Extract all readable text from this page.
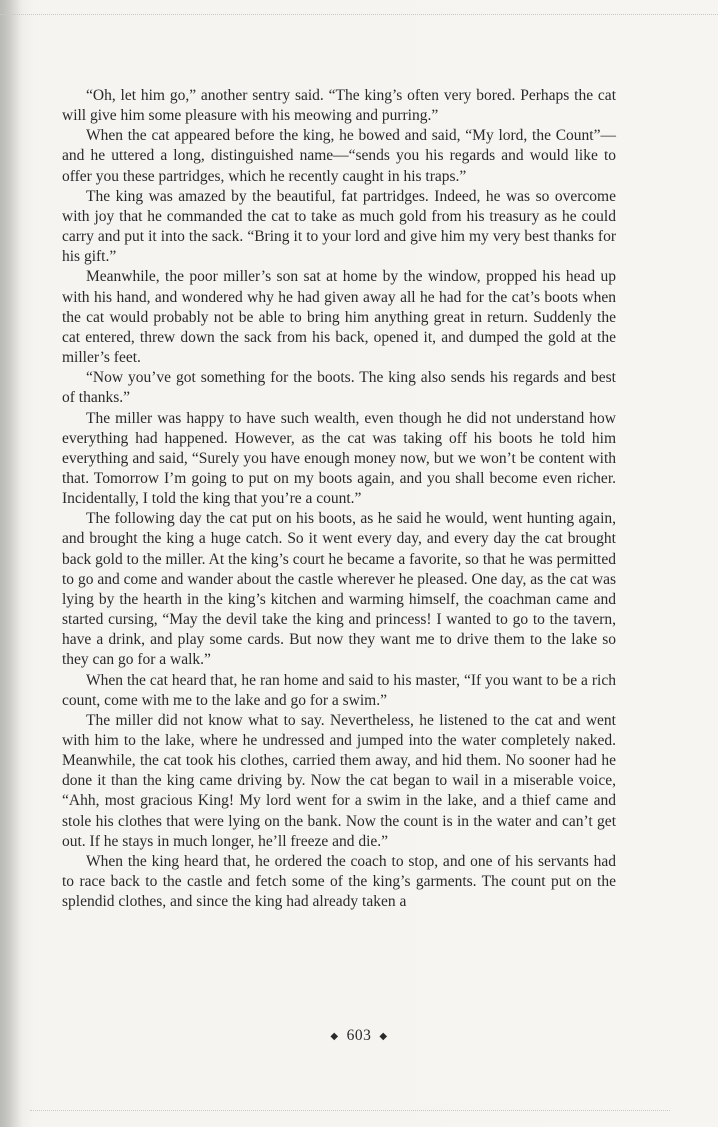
“Oh, let him go,” another sentry said. “The king’s often very bored. Perhaps the cat will give him some pleasure with his meowing and purring.”

When the cat appeared before the king, he bowed and said, “My lord, the Count”—and he uttered a long, distinguished name—“sends you his regards and would like to offer you these partridges, which he recently caught in his traps.”

The king was amazed by the beautiful, fat partridges. Indeed, he was so overcome with joy that he commanded the cat to take as much gold from his treasury as he could carry and put it into the sack. “Bring it to your lord and give him my very best thanks for his gift.”

Meanwhile, the poor miller’s son sat at home by the window, propped his head up with his hand, and wondered why he had given away all he had for the cat’s boots when the cat would probably not be able to bring him anything great in return. Suddenly the cat entered, threw down the sack from his back, opened it, and dumped the gold at the miller’s feet.

“Now you’ve got something for the boots. The king also sends his regards and best of thanks.”

The miller was happy to have such wealth, even though he did not understand how everything had happened. However, as the cat was taking off his boots he told him everything and said, “Surely you have enough money now, but we won’t be content with that. Tomorrow I’m going to put on my boots again, and you shall become even richer. Incidentally, I told the king that you’re a count.”

The following day the cat put on his boots, as he said he would, went hunting again, and brought the king a huge catch. So it went every day, and every day the cat brought back gold to the miller. At the king’s court he became a favorite, so that he was permitted to go and come and wander about the castle wherever he pleased. One day, as the cat was lying by the hearth in the king’s kitchen and warming himself, the coachman came and started cursing, “May the devil take the king and princess! I wanted to go to the tavern, have a drink, and play some cards. But now they want me to drive them to the lake so they can go for a walk.”

When the cat heard that, he ran home and said to his master, “If you want to be a rich count, come with me to the lake and go for a swim.”

The miller did not know what to say. Nevertheless, he listened to the cat and went with him to the lake, where he undressed and jumped into the water completely naked. Meanwhile, the cat took his clothes, carried them away, and hid them. No sooner had he done it than the king came driving by. Now the cat began to wail in a miserable voice, “Ahh, most gracious King! My lord went for a swim in the lake, and a thief came and stole his clothes that were lying on the bank. Now the count is in the water and can’t get out. If he stays in much longer, he’ll freeze and die.”

When the king heard that, he ordered the coach to stop, and one of his servants had to race back to the castle and fetch some of the king’s garments. The count put on the splendid clothes, and since the king had already taken a

◆ 603 ◆
